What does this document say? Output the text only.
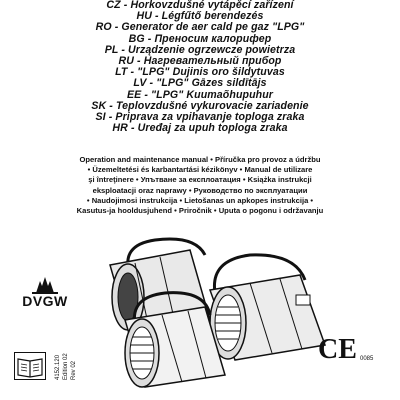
CZ - Horkovzdušné vytápěcí zařízení
HU - Légfűtő berendezés
RO - Generator de aer cald pe gaz "LPG"
BG - Преносим калорифер
PL - Urządzenie ogrzewcze powietrza
RU - Нагревательный прибор
LT - "LPG" Dujinis oro šildytuvas
LV - "LPG" Gāzes sildītājs
EE - "LPG" Kuumaõhupuhur
SK - Teplovzdušné vykurovacie zariadenie
SI - Priprava za vpihavanje toploga zraka
HR - Uređaj za upuh toploga zraka
Operation and maintenance manual • Příručka pro provoz a údržbu
• Üzemeltetési és karbantartási kézikönyv • Manual de utilizare
şi întreţinere • Упътване за експлоатация • Książka instrukcji
eksploatacji oraz naprawy • Руководство по эксплуатации
• Naudojimosi instrukcija • Lietošanas un apkopes instrukcija •
Kasutus-ja hooldusjuhend • Priročnik • Uputa o pogonu i održavanju
DVGW
4152.120 Edition 02 Rev 02
CE 0085
